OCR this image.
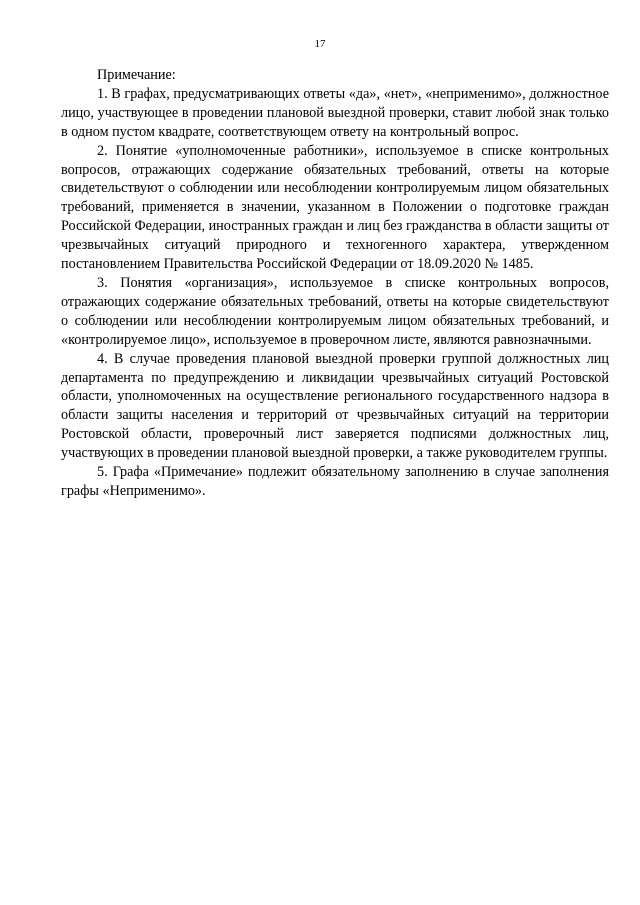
17

Примечание:

1. В графах, предусматривающих ответы «да», «нет», «неприменимо», должностное лицо, участвующее в проведении плановой выездной проверки, ставит любой знак только в одном пустом квадрате, соответствующем ответу на контрольный вопрос.

2. Понятие «уполномоченные работники», используемое в списке контрольных вопросов, отражающих содержание обязательных требований, ответы на которые свидетельствуют о соблюдении или несоблюдении контролируемым лицом обязательных требований, применяется в значении, указанном в Положении о подготовке граждан Российской Федерации, иностранных граждан и лиц без гражданства в области защиты от чрезвычайных ситуаций природного и техногенного характера, утвержденном постановлением Правительства Российской Федерации от 18.09.2020 № 1485.

3. Понятия «организация», используемое в списке контрольных вопросов, отражающих содержание обязательных требований, ответы на которые свидетельствуют о соблюдении или несоблюдении контролируемым лицом обязательных требований, и «контролируемое лицо», используемое в проверочном листе, являются равнозначными.

4. В случае проведения плановой выездной проверки группой должностных лиц департамента по предупреждению и ликвидации чрезвычайных ситуаций Ростовской области, уполномоченных на осуществление регионального государственного надзора в области защиты населения и территорий от чрезвычайных ситуаций на территории Ростовской области, проверочный лист заверяется подписями должностных лиц, участвующих в проведении плановой выездной проверки, а также руководителем группы.

5. Графа «Примечание» подлежит обязательному заполнению в случае заполнения графы «Неприменимо».
